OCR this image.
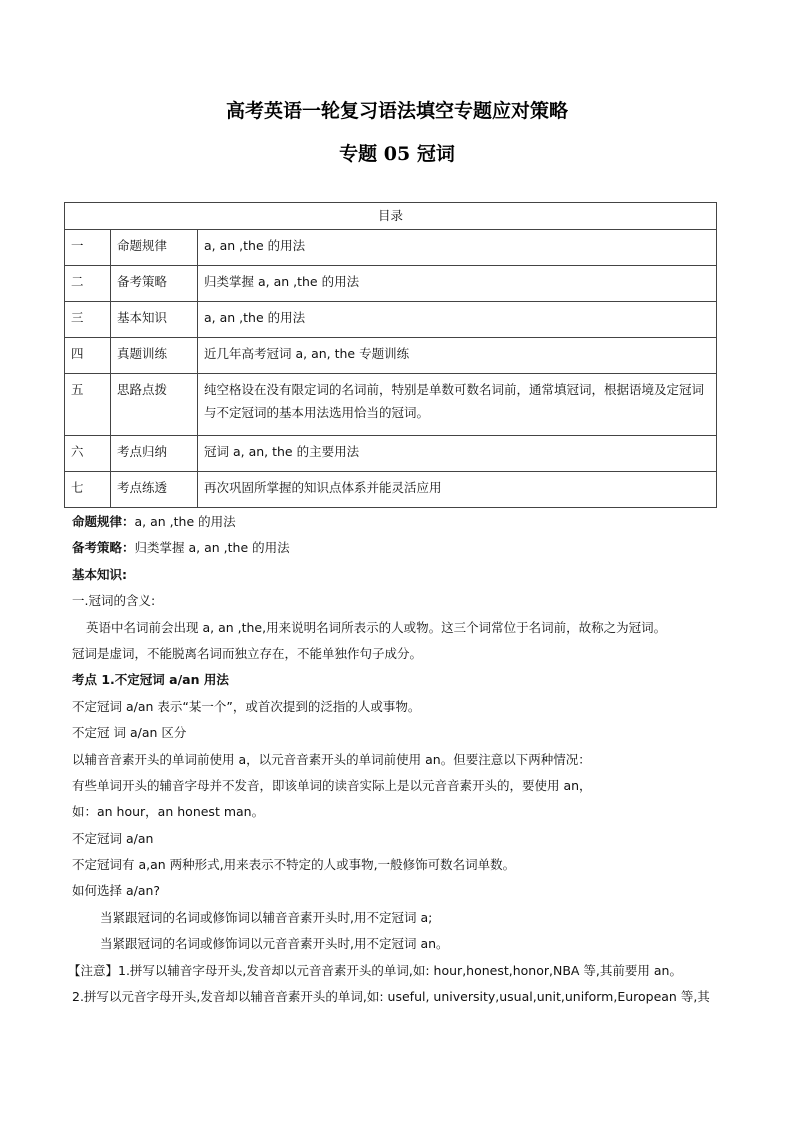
高考英语一轮复习语法填空专题应对策略
专题 05 冠词
目录		
一	命题规律	a, an ,the 的用法
二	备考策略	归类掌握 a, an ,the 的用法
三	基本知识	a, an ,the 的用法
四	真题训练	近几年高考冠词 a, an, the 专题训练
五	思路点拨	纯空格设在没有限定词的名词前，特别是单数可数名词前，通常填冠词，根据语境及定冠词与不定冠词的基本用法选用恰当的冠词。
六	考点归纳	冠词 a, an, the 的主要用法
七	考点练透	再次巩固所掌握的知识点体系并能灵活应用

命题规律：a, an ,the 的用法

备考策略：归类掌握 a, an ,the 的用法

基本知识:

一.冠词的含义:

英语中名词前会出现 a, an ,the,用来说明名词所表示的人或物。这三个词常位于名词前，故称之为冠词。

冠词是虚词，不能脱离名词而独立存在，不能单独作句子成分。

考点 1.不定冠词 a/an 用法

不定冠词 a/an 表示“某一个”，或首次提到的泛指的人或事物。

不定冠 词 a/an 区分

以辅音音素开头的单词前使用 a，以元音音素开头的单词前使用 an。但要注意以下两种情况：

有些单词开头的辅音字母并不发音，即该单词的读音实际上是以元音音素开头的，要使用 an，

如：an hour，an honest man。

不定冠词 a/an

不定冠词有 a,an 两种形式,用来表示不特定的人或事物,一般修饰可数名词单数。

如何选择 a/an?

当紧跟冠词的名词或修饰词以辅音音素开头时,用不定冠词 a;

当紧跟冠词的名词或修饰词以元音音素开头时,用不定冠词 an。

【注意】1.拼写以辅音字母开头,发音却以元音音素开头的单词,如: hour,honest,honor,NBA 等,其前要用 an。

2.拼写以元音字母开头,发音却以辅音音素开头的单词,如: useful, university,usual,unit,uniform,European 等,其
